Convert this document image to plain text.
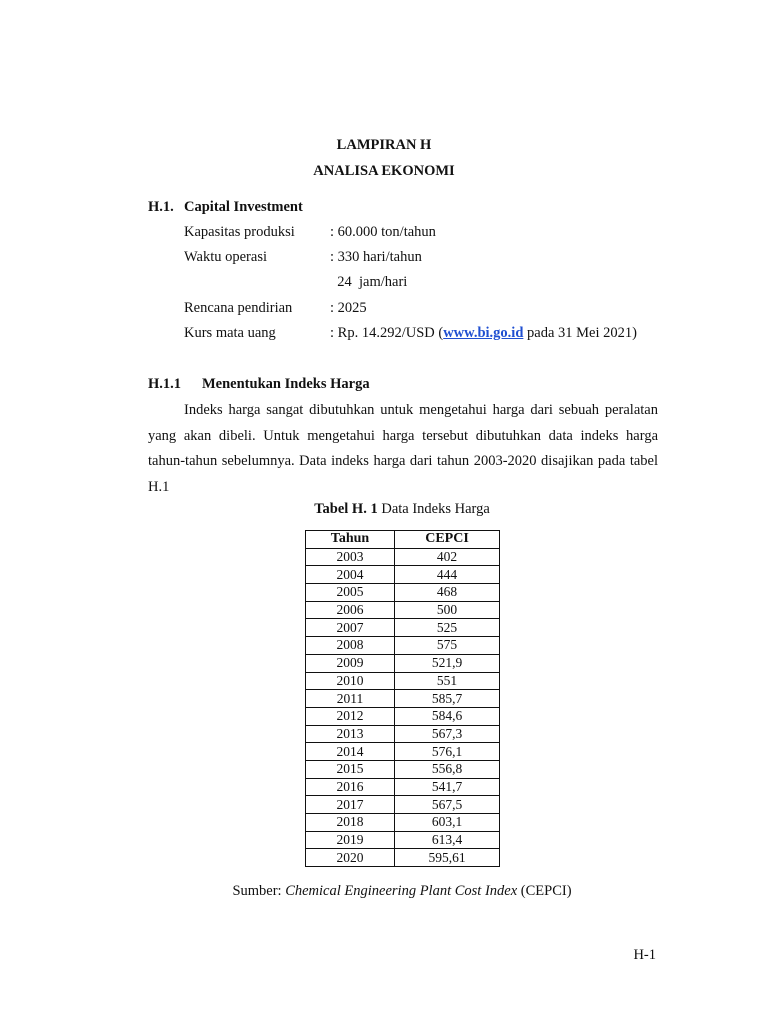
LAMPIRAN H
ANALISA EKONOMI
H.1. Capital Investment
Kapasitas produksi : 60.000 ton/tahun
Waktu operasi	: 330 hari/tahun
24  jam/hari
Rencana pendirian	: 2025
Kurs mata uang	: Rp. 14.292/USD (www.bi.go.id pada 31 Mei 2021)
H.1.1 Menentukan Indeks Harga
Indeks harga sangat dibutuhkan untuk mengetahui harga dari sebuah peralatan yang akan dibeli. Untuk mengetahui harga tersebut dibutuhkan data indeks harga tahun-tahun sebelumnya. Data indeks harga dari tahun 2003-2020 disajikan pada tabel H.1
Tabel H. 1 Data Indeks Harga
Tahun	CEPCI
2003	402
2004	444
2005	468
2006	500
2007	525
2008	575
2009	521,9
2010	551
2011	585,7
2012	584,6
2013	567,3
2014	576,1
2015	556,8
2016	541,7
2017	567,5
2018	603,1
2019	613,4
2020	595,61
Sumber: Chemical Engineering Plant Cost Index (CEPCI)
H-1
